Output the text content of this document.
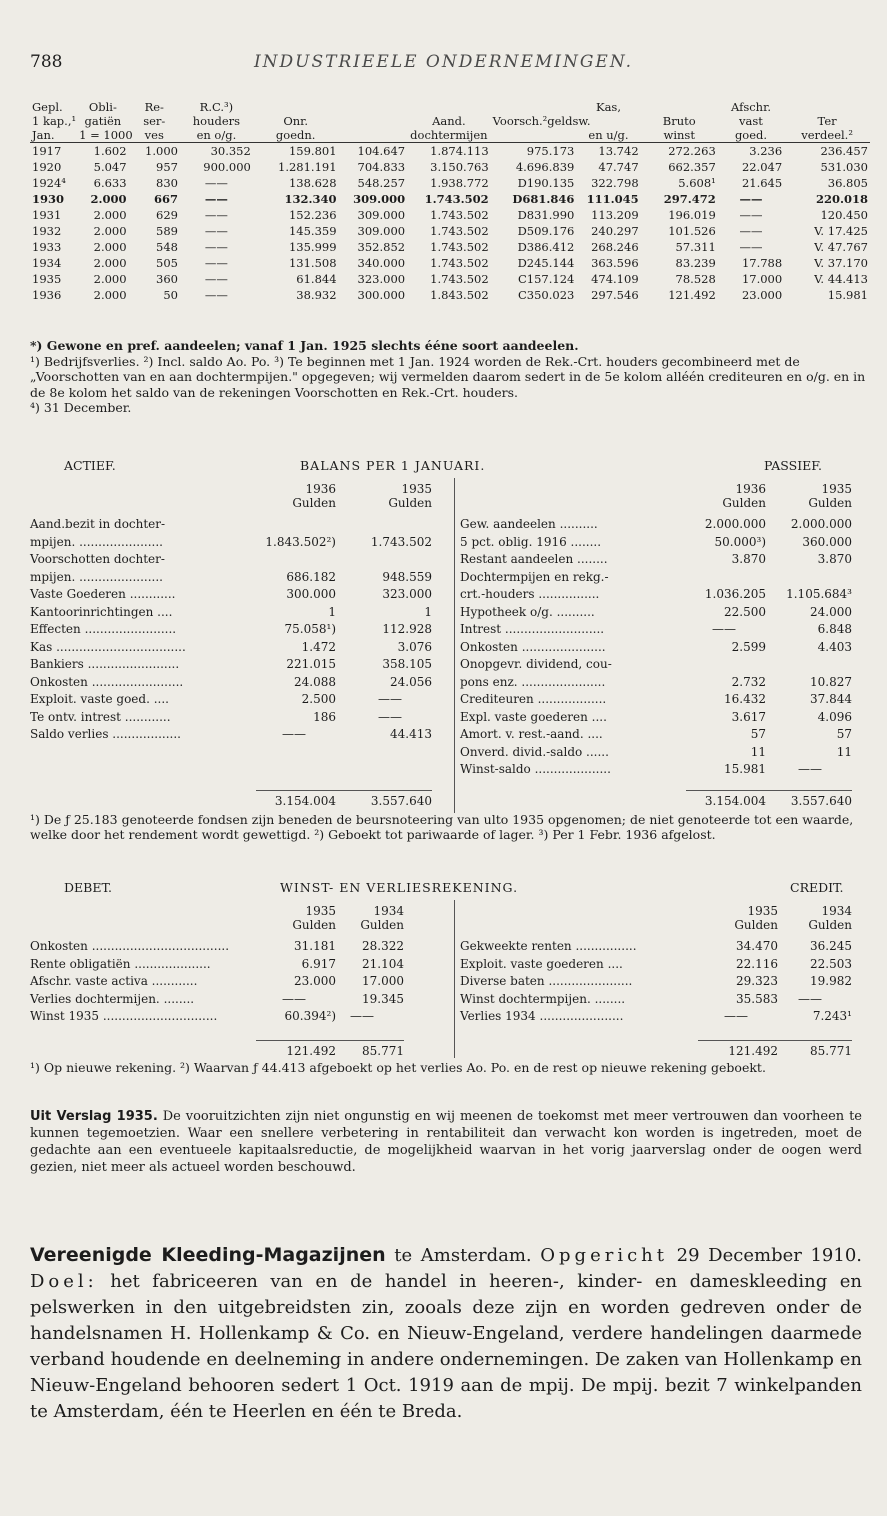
788	INDUSTRIEELE ONDERNEMINGEN.
Gepl.	Obli-	Re-	R.C.³)					Kas,		Afschr.	
1 kap.,¹	gatiën	ser-	houders	Onr.		Aand.	Voorsch.²geldsw.		Bruto	vast	Ter
Jan.	1 = 1000	ves	en o/g.	goedn.		dochtermijen		en u/g.	winst	goed.	verdeel.²
1917	1.602	1.000	30.352	159.801	104.647	1.874.113	975.173	13.742	272.263	3.236	236.457
1920	5.047	957	900.000	1.281.191	704.833	3.150.763	4.696.839	47.747	662.357	22.047	531.030
1924⁴	6.633	830	——	138.628	548.257	1.938.772	D190.135	322.798	5.608¹	21.645	36.805
1930	2.000	667	——	132.340	309.000	1.743.502	D681.846	111.045	297.472	——	220.018
1931	2.000	629	——	152.236	309.000	1.743.502	D831.990	113.209	196.019	——	120.450
1932	2.000	589	——	145.359	309.000	1.743.502	D509.176	240.297	101.526	——	V. 17.425
1933	2.000	548	——	135.999	352.852	1.743.502	D386.412	268.246	57.311	——	V. 47.767
1934	2.000	505	——	131.508	340.000	1.743.502	D245.144	363.596	83.239	17.788	V. 37.170
1935	2.000	360	——	61.844	323.000	1.743.502	C157.124	474.109	78.528	17.000	V. 44.413
1936	2.000	50	——	38.932	300.000	1.843.502	C350.023	297.546	121.492	23.000	15.981

*) Gewone en pref. aandeelen; vanaf 1 Jan. 1925 slechts ééne soort aandeelen.

¹) Bedrijfsverlies. ²) Incl. saldo Ao. Po. ³) Te beginnen met 1 Jan. 1924 worden de Rek.-Crt. houders gecombineerd met de „Voorschotten van en aan dochtermpijen." opgegeven; wij vermelden daarom sedert in de 5e kolom alléén crediteuren en o/g. en in de 8e kolom het saldo van de rekeningen Voorschotten en Rek.-Crt. houders.

⁴) 31 December.

ACTIEF.	BALANS PER 1 JANUARI.	PASSIEF.
¹) De ƒ 25.183 genoteerde fondsen zijn beneden de beursnoteering van ulto 1935 opgenomen; de niet genoteerde tot een waarde, welke door het rendement wordt gewettigd. ²) Geboekt tot pariwaarde of lager. ³) Per 1 Febr. 1936 afgelost.
DEBET.	WINST- EN VERLIESREKENING.	CREDIT.
¹) Op nieuwe rekening. ²) Waarvan ƒ 44.413 afgeboekt op het verlies Ao. Po. en de rest op nieuwe rekening geboekt.

Uit Verslag 1935. De vooruitzichten zijn niet ongunstig en wij meenen de toekomst met meer vertrouwen dan voorheen te kunnen tegemoetzien. Waar een snellere verbetering in rentabiliteit dan verwacht kon worden is ingetreden, moet de gedachte aan een eventueele kapitaalsreductie, de mogelijkheid waarvan in het vorig jaarverslag onder de oogen werd gezien, niet meer als actueel worden beschouwd.

Vereenigde Kleeding-Magazijnen te Amsterdam. Opgericht 29 December 1910. Doel: het fabriceeren van en de handel in heeren-, kinder- en dameskleeding en pelswerken in den uitgebreidsten zin, zooals deze zijn en worden gedreven onder de handelsnamen H. Hollenkamp & Co. en Nieuw-Engeland, verdere handelingen daarmede verband houdende en deelneming in andere ondernemingen. De zaken van Hollenkamp en Nieuw-Engeland behooren sedert 1 Oct. 1919 aan de mpij. De mpij. bezit 7 winkelpanden te Amsterdam, één te Heerlen en één te Breda.

1936
Gulden
1935
Gulden
1936
Gulden
1935
Gulden
Aand.bezit in dochter-
mpijen. ......................	1.843.502²)	1.743.502
Voorschotten dochter-
mpijen. ......................	686.182	948.559
Vaste Goederen ............	300.000	323.000
Kantoorinrichtingen ....	1	1
Effecten ........................	75.058¹)	112.928
Kas ..................................	1.472	3.076
Bankiers ........................	221.015	358.105
Onkosten ........................	24.088	24.056
Exploit. vaste goed. ....	2.500	——
Te ontv. intrest ............	186	——
Saldo verlies ..................	——	44.413
Gew. aandeelen ..........	2.000.000	2.000.000
5 pct. oblig. 1916 ........	50.000³)	360.000
Restant aandeelen ........	3.870	3.870
Dochtermpijen en rekg.-
crt.-houders ................	1.036.205	1.105.684³
Hypotheek o/g. ..........	22.500	24.000
Intrest ..........................	——	6.848
Onkosten ......................	2.599	4.403
Onopgevr. dividend, cou-
pons enz. ......................	2.732	10.827
Crediteuren ..................	16.432	37.844
Expl. vaste goederen ....	3.617	4.096
Amort. v. rest.-aand. ....	57	57
Onverd. divid.-saldo ......	11	11
Winst-saldo ....................	15.981	——
3.154.004	3.557.640	3.154.004	3.557.640
1935
Gulden
1934
Gulden
1935
Gulden
1934
Gulden
Onkosten ....................................	31.181	28.322
Rente obligatiën ....................	6.917	21.104
Afschr. vaste activa ............	23.000	17.000
Verlies dochtermijen. ........	——	19.345
Winst 1935 ..............................	60.394²)	——
Gekweekte renten ................	34.470	36.245
Exploit. vaste goederen ....	22.116	22.503
Diverse baten ......................	29.323	19.982
Winst dochtermpijen. ........	35.583	——
Verlies 1934 ......................	——	7.243¹
121.492	85.771	121.492	85.771
